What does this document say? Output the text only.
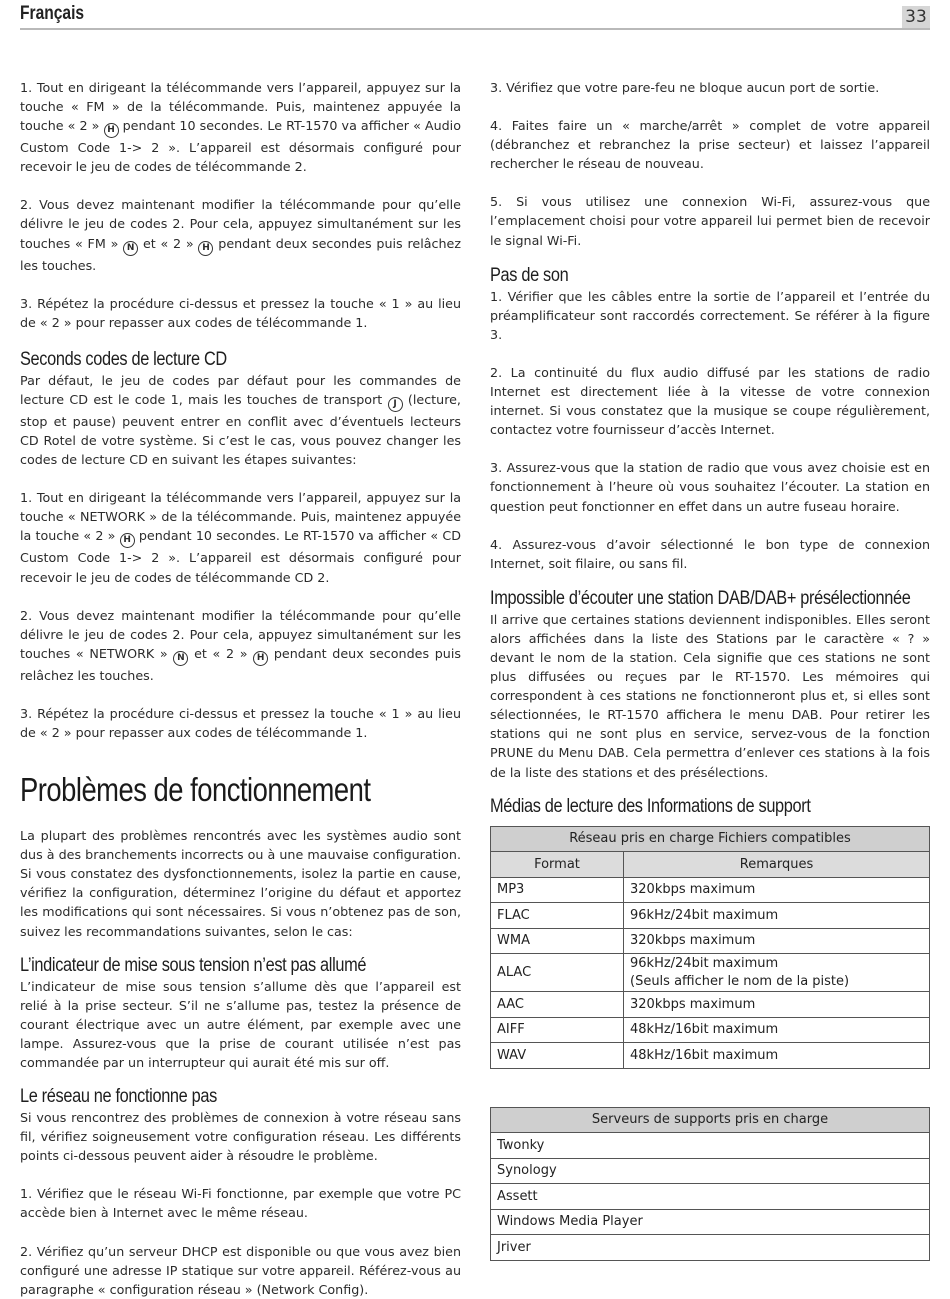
Français	33

1. Tout en dirigeant la télécommande vers l’appareil, appuyez sur la touche « FM » de la télécommande. Puis, maintenez appuyée la touche « 2 » H pendant 10 secondes. Le RT-1570 va afficher « Audio Custom Code 1-> 2 ». L’appareil est désormais configuré pour recevoir le jeu de codes de télécommande 2.

2. Vous devez maintenant modifier la télécommande pour qu’elle délivre le jeu de codes 2. Pour cela, appuyez simultanément sur les touches « FM » N et « 2 » H pendant deux secondes puis relâchez les touches.

3. Répétez la procédure ci-dessus et pressez la touche « 1 » au lieu de « 2 » pour repasser aux codes de télécommande 1.

Seconds codes de lecture CD

Par défaut, le jeu de codes par défaut pour les commandes de lecture CD est le code 1, mais les touches de transport J (lecture, stop et pause) peuvent entrer en conflit avec d’éventuels lecteurs CD Rotel de votre système. Si c’est le cas, vous pouvez changer les codes de lecture CD en suivant les étapes suivantes:

1. Tout en dirigeant la télécommande vers l’appareil, appuyez sur la touche « NETWORK » de la télécommande. Puis, maintenez appuyée la touche « 2 » H pendant 10 secondes. Le RT-1570 va afficher « CD Custom Code 1-> 2 ». L’appareil est désormais configuré pour recevoir le jeu de codes de télécommande CD 2.

2. Vous devez maintenant modifier la télécommande pour qu’elle délivre le jeu de codes 2. Pour cela, appuyez simultanément sur les touches « NETWORK » N et « 2 » H pendant deux secondes puis relâchez les touches.

3. Répétez la procédure ci-dessus et pressez la touche « 1 » au lieu de « 2 » pour repasser aux codes de télécommande 1.

Problèmes de fonctionnement

La plupart des problèmes rencontrés avec les systèmes audio sont dus à des branchements incorrects ou à une mauvaise configuration. Si vous constatez des dysfonctionnements, isolez la partie en cause, vérifiez la configuration, déterminez l’origine du défaut et apportez les modifications qui sont nécessaires. Si vous n’obtenez pas de son, suivez les recommandations suivantes, selon le cas:

L’indicateur de mise sous tension n’est pas allumé

L’indicateur de mise sous tension s’allume dès que l’appareil est relié à la prise secteur. S’il ne s’allume pas, testez la présence de courant électrique avec un autre élément, par exemple avec une lampe. Assurez-vous que la prise de courant utilisée n’est pas commandée par un interrupteur qui aurait été mis sur off.

Le réseau ne fonctionne pas

Si vous rencontrez des problèmes de connexion à votre réseau sans fil, vérifiez soigneusement votre configuration réseau. Les différents points ci-dessous peuvent aider à résoudre le problème.

1. Vérifiez que le réseau Wi-Fi fonctionne, par exemple que votre PC accède bien à Internet avec le même réseau.

2. Vérifiez qu’un serveur DHCP est disponible ou que vous avez bien configuré une adresse IP statique sur votre appareil. Référez-vous au paragraphe « configuration réseau » (Network Config).

3. Vérifiez que votre pare-feu ne bloque aucun port de sortie.

4. Faites faire un « marche/arrêt » complet de votre appareil (débranchez et rebranchez la prise secteur) et laissez l’appareil rechercher le réseau de nouveau.

5. Si vous utilisez une connexion Wi-Fi, assurez-vous que l’emplacement choisi pour votre appareil lui permet bien de recevoir le signal Wi-Fi.

Pas de son

1. Vérifier que les câbles entre la sortie de l’appareil et l’entrée du préamplificateur sont raccordés correctement. Se référer à la figure 3.

2. La continuité du flux audio diffusé par les stations de radio Internet est directement liée à la vitesse de votre connexion internet. Si vous constatez que la musique se coupe régulièrement, contactez votre fournisseur d’accès Internet.

3. Assurez-vous que la station de radio que vous avez choisie est en fonctionnement à l’heure où vous souhaitez l’écouter. La station en question peut fonctionner en effet dans un autre fuseau horaire.

4. Assurez-vous d’avoir sélectionné le bon type de connexion Internet, soit filaire, ou sans fil.

Impossible d’écouter une station DAB/DAB+ présélectionnée

Il arrive que certaines stations deviennent indisponibles. Elles seront alors affichées dans la liste des Stations par le caractère « ? » devant le nom de la station. Cela signifie que ces stations ne sont plus diffusées ou reçues par le RT-1570. Les mémoires qui correspondent à ces stations ne fonctionneront plus et, si elles sont sélectionnées, le RT-1570 affichera le menu DAB. Pour retirer les stations qui ne sont plus en service, servez-vous de la fonction PRUNE du Menu DAB. Cela permettra d’enlever ces stations à la fois de la liste des stations et des présélections.

Médias de lecture des Informations de support
Réseau pris en charge Fichiers compatibles	
Format	Remarques
MP3	320kbps maximum
FLAC	96kHz/24bit maximum
WMA	320kbps maximum
ALAC	96kHz/24bit maximum
(Seuls afficher le nom de la piste)

AAC	320kbps maximum
AIFF	48kHz/16bit maximum
WAV	48kHz/16bit maximum
Serveurs de supports pris en charge
Twonky
Synology
Assett
Windows Media Player
Jriver
